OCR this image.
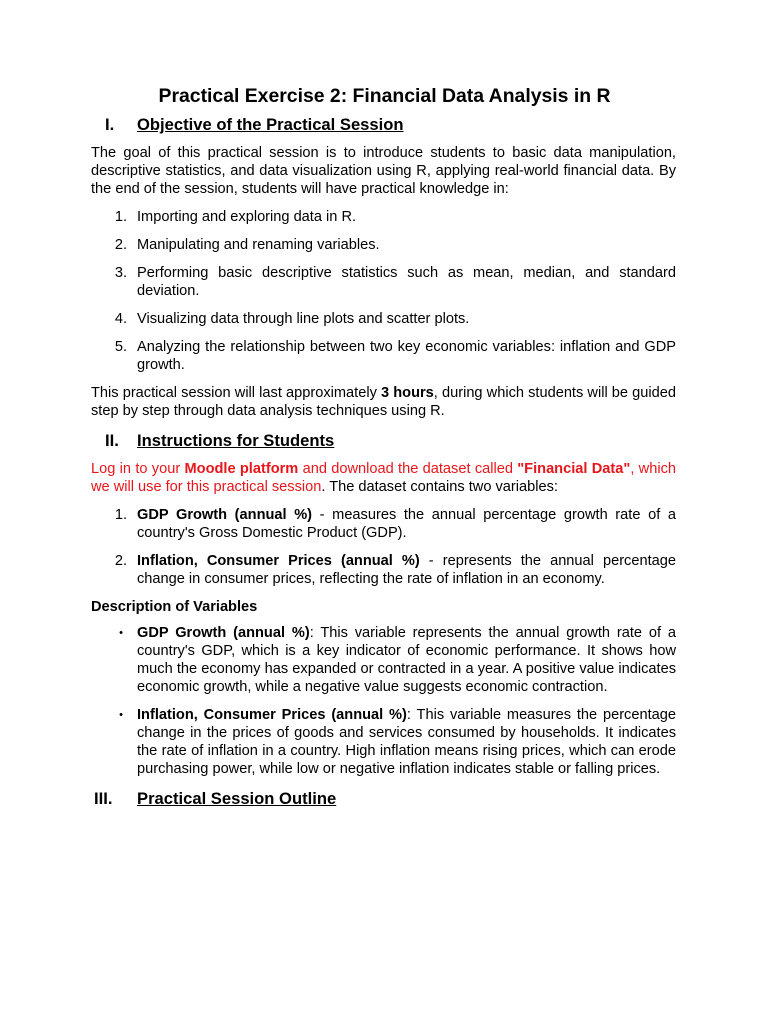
Practical Exercise 2: Financial Data Analysis in R
I.	Objective of the Practical Session

The goal of this practical session is to introduce students to basic data manipulation, descriptive statistics, and data visualization using R, applying real-world financial data. By the end of the session, students will have practical knowledge in:

1. Importing and exploring data in R.
2. Manipulating and renaming variables.
3. Performing basic descriptive statistics such as mean, median, and standard deviation.
4. Visualizing data through line plots and scatter plots.
5. Analyzing the relationship between two key economic variables: inflation and GDP growth.

This practical session will last approximately 3 hours, during which students will be guided step by step through data analysis techniques using R.

II.	Instructions for Students

Log in to your Moodle platform and download the dataset called "Financial Data", which we will use for this practical session. The dataset contains two variables:

1. GDP Growth (annual %) - measures the annual percentage growth rate of a country's Gross Domestic Product (GDP).
2. Inflation, Consumer Prices (annual %) - represents the annual percentage change in consumer prices, reflecting the rate of inflation in an economy.
Description of Variables
• GDP Growth (annual %): This variable represents the annual growth rate of a country's GDP, which is a key indicator of economic performance. It shows how much the economy has expanded or contracted in a year. A positive value indicates economic growth, while a negative value suggests economic contraction.
• Inflation, Consumer Prices (annual %): This variable measures the percentage change in the prices of goods and services consumed by households. It indicates the rate of inflation in a country. High inflation means rising prices, which can erode purchasing power, while low or negative inflation indicates stable or falling prices.
III.	Practical Session Outline
